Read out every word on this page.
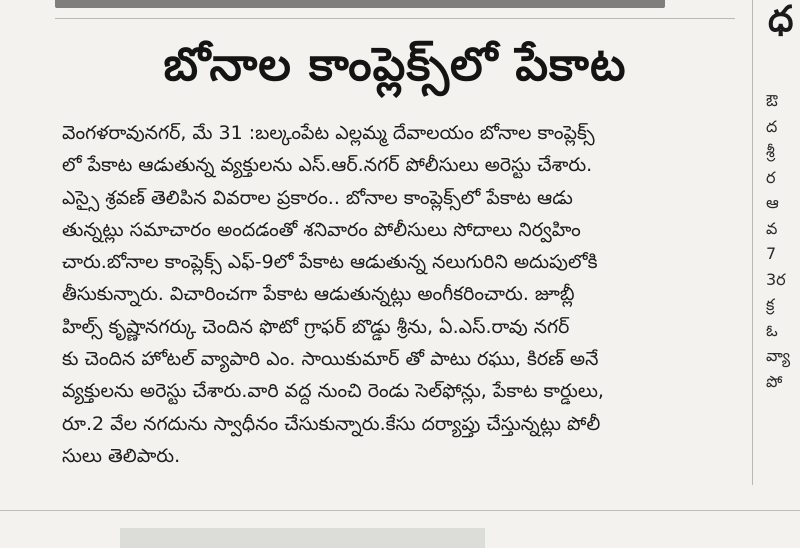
బోనాల కాంప్లెక్స్‌లో పేకాట
వెంగళరావునగర్, మే 31 :బల్కంపేట ఎల్లమ్మ దేవాలయం బోనాల కాంప్లెక్స్
లో పేకాట ఆడుతున్న వ్యక్తులను ఎస్.ఆర్.నగర్ పోలీసులు అరెస్టు చేశారు.
ఎస్సై శ్రవణ్ తెలిపిన వివరాల ప్రకారం.. బోనాల కాంప్లెక్స్‌లో పేకాట ఆడు
తున్నట్లు సమాచారం అందడంతో శనివారం పోలీసులు సోదాలు నిర్వహిం
చారు.బోనాల కాంప్లెక్స్ ఎఫ్-9లో పేకాట ఆడుతున్న నలుగురిని అదుపులోకి
తీసుకున్నారు. విచారించగా పేకాట ఆడుతున్నట్లు అంగీకరించారు. జూబ్లీ
హిల్స్ కృష్ణానగర్కు చెందిన ఫొటో గ్రాఫర్ బొడ్డు శ్రీను, ఏ.ఎస్.రావు నగర్
కు చెందిన హోటల్ వ్యాపారి ఎం. సాయికుమార్ తో పాటు రఘు, కిరణ్ అనే
వ్యక్తులను అరెస్టు చేశారు.వారి వద్ద నుంచి రెండు సెల్‌ఫోన్లు, పేకాట కార్డులు,
రూ.2 వేల నగదును స్వాధీనం చేసుకున్నారు.కేసు దర్యాప్తు చేస్తున్నట్లు పోలీ
సులు తెలిపారు.
ధ
ఔ
ద
శ్రీ
ర
ఆ
వ
7
3ర
క్ర
ఓ
వ్యా
పో
